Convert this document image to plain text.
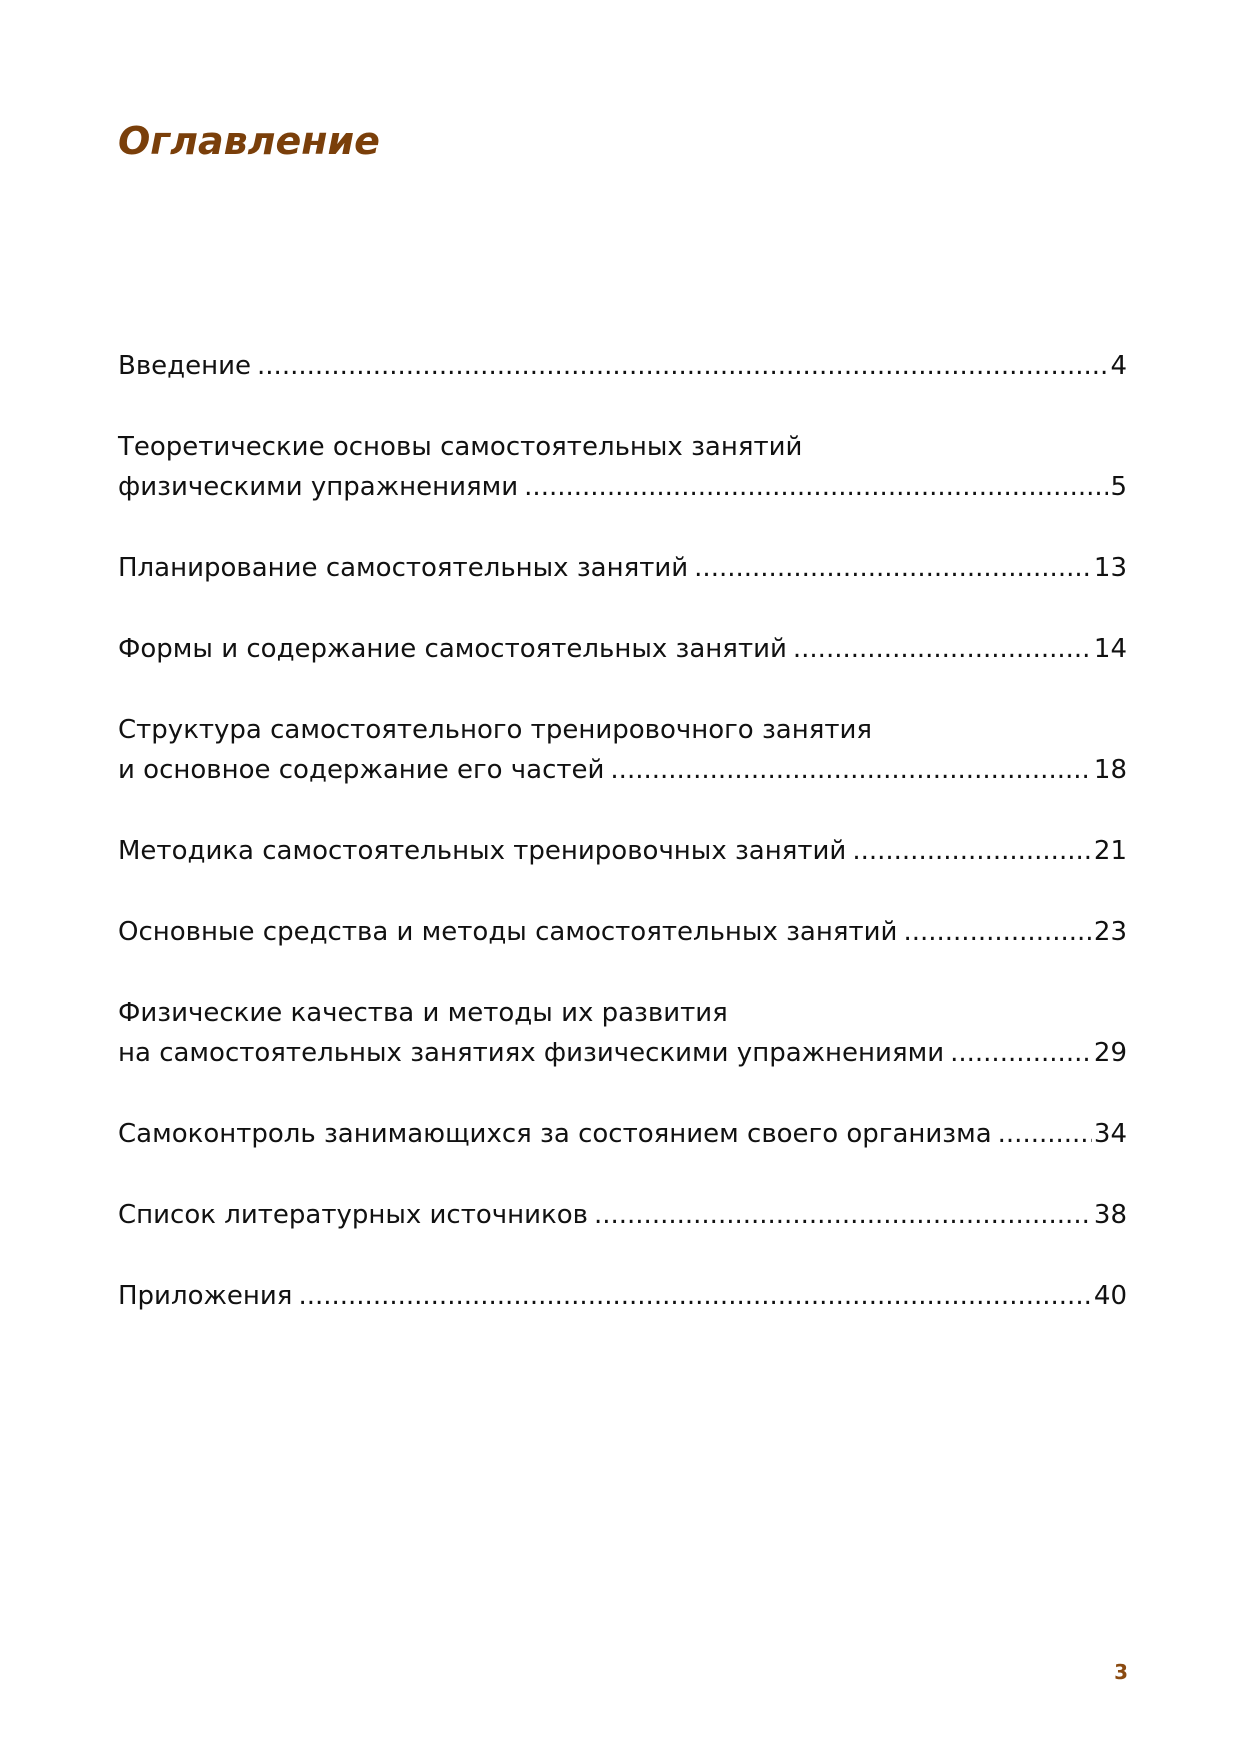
Оглавление
Введение .....	4
Теоретические основы самостоятельных занятий
физическими упражнениями .....	5
Планирование самостоятельных занятий .....	13
Формы и содержание самостоятельных занятий .....	14
Структура самостоятельного тренировочного занятия
и основное содержание его частей .....	18
Методика самостоятельных тренировочных занятий .....	21
Основные средства и методы самостоятельных занятий .....	23
Физические качества и методы их развития
на самостоятельных занятиях физическими упражнениями .....	29
Самоконтроль занимающихся за состоянием своего организма .....	34
Список литературных источников .....	38
Приложения .....	40
3
